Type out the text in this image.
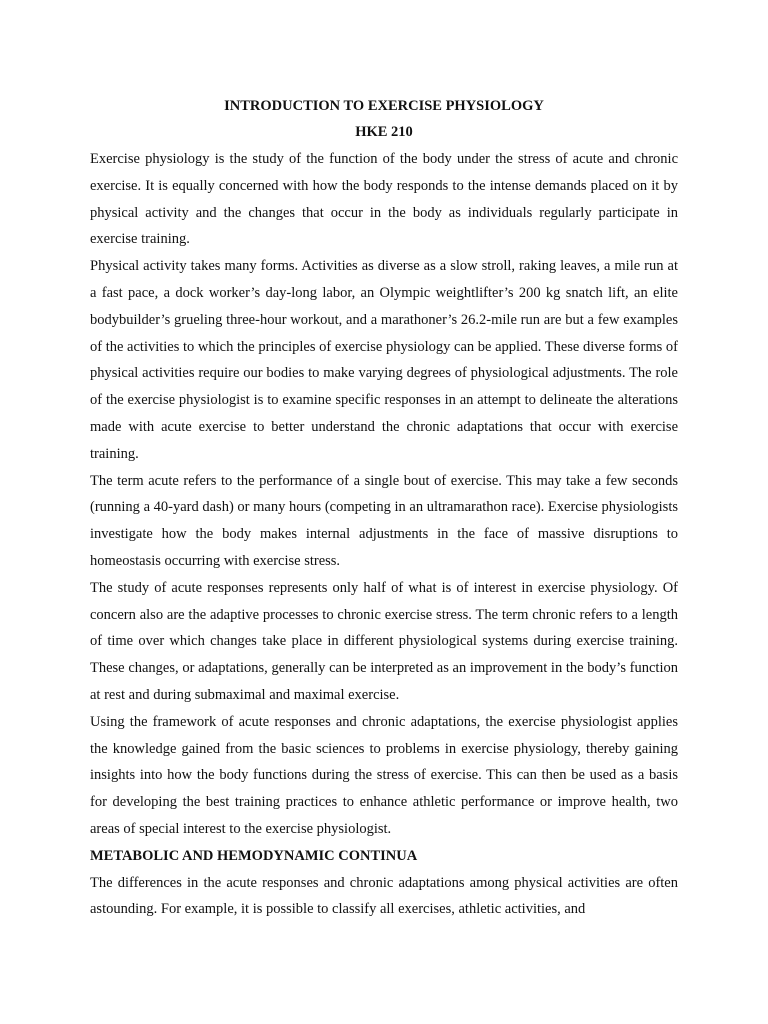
INTRODUCTION TO EXERCISE PHYSIOLOGY

HKE 210

Exercise physiology is the study of the function of the body under the stress of acute and chronic exercise. It is equally concerned with how the body responds to the intense demands placed on it by physical activity and the changes that occur in the body as individuals regularly participate in exercise training.

Physical activity takes many forms. Activities as diverse as a slow stroll, raking leaves, a mile run at a fast pace, a dock worker’s day-long labor, an Olympic weightlifter’s 200 kg snatch lift, an elite bodybuilder’s grueling three-hour workout, and a marathoner’s 26.2-mile run are but a few examples of the activities to which the principles of exercise physiology can be applied. These diverse forms of physical activities require our bodies to make varying degrees of physiological adjustments. The role of the exercise physiologist is to examine specific responses in an attempt to delineate the alterations made with acute exercise to better understand the chronic adaptations that occur with exercise training.

The term acute refers to the performance of a single bout of exercise. This may take a few seconds (running a 40-yard dash) or many hours (competing in an ultramarathon race). Exercise physiologists investigate how the body makes internal adjustments in the face of massive disruptions to homeostasis occurring with exercise stress.

The study of acute responses represents only half of what is of interest in exercise physiology. Of concern also are the adaptive processes to chronic exercise stress. The term chronic refers to a length of time over which changes take place in different physiological systems during exercise training. These changes, or adaptations, generally can be interpreted as an improvement in the body’s function at rest and during submaximal and maximal exercise.

Using the framework of acute responses and chronic adaptations, the exercise physiologist applies the knowledge gained from the basic sciences to problems in exercise physiology, thereby gaining insights into how the body functions during the stress of exercise. This can then be used as a basis for developing the best training practices to enhance athletic performance or improve health, two areas of special interest to the exercise physiologist.

METABOLIC AND HEMODYNAMIC CONTINUA

The differences in the acute responses and chronic adaptations among physical activities are often astounding. For example, it is possible to classify all exercises, athletic activities, and
